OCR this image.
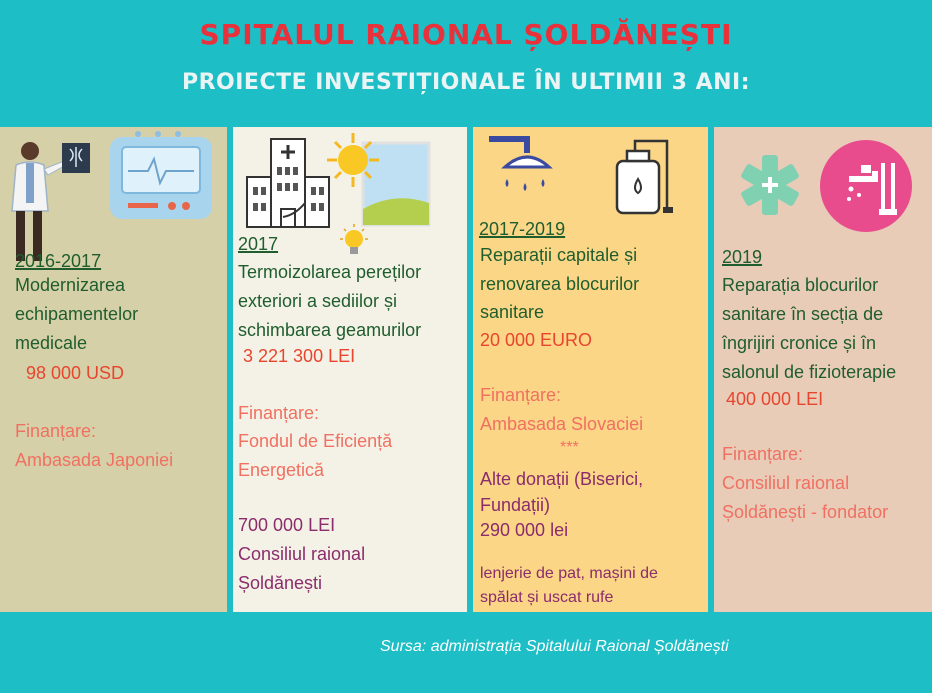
SPITALUL RAIONAL ȘOLDĂNEȘTI
PROIECTE INVESTIȚIONALE ÎN ULTIMII 3 ANI:
2016-2017
Modernizarea
echipamentelor
medicale
98 000 USD
Finanțare:
Ambasada Japoniei
2017
Termoizolarea pereților
exteriori a sediilor și
schimbarea geamurilor
3 221 300 LEI
Finanțare:
Fondul de Eficiență
Energetică
700 000 LEI
Consiliul raional
Șoldănești
2017-2019
Reparații capitale și
renovarea blocurilor
sanitare
20 000 EURO
Finanțare:
Ambasada Slovaciei
***
Alte donații (Biserici,
Fundații)
290 000 lei
lenjerie de pat, mașini de
spălat și uscat rufe
2019
Reparația blocurilor
sanitare în secția de
îngrijiri cronice și în
salonul de fizioterapie
400 000 LEI
Finanțare:
Consiliul raional
Șoldănești - fondator
Sursa: administrația Spitalului Raional Șoldănești
